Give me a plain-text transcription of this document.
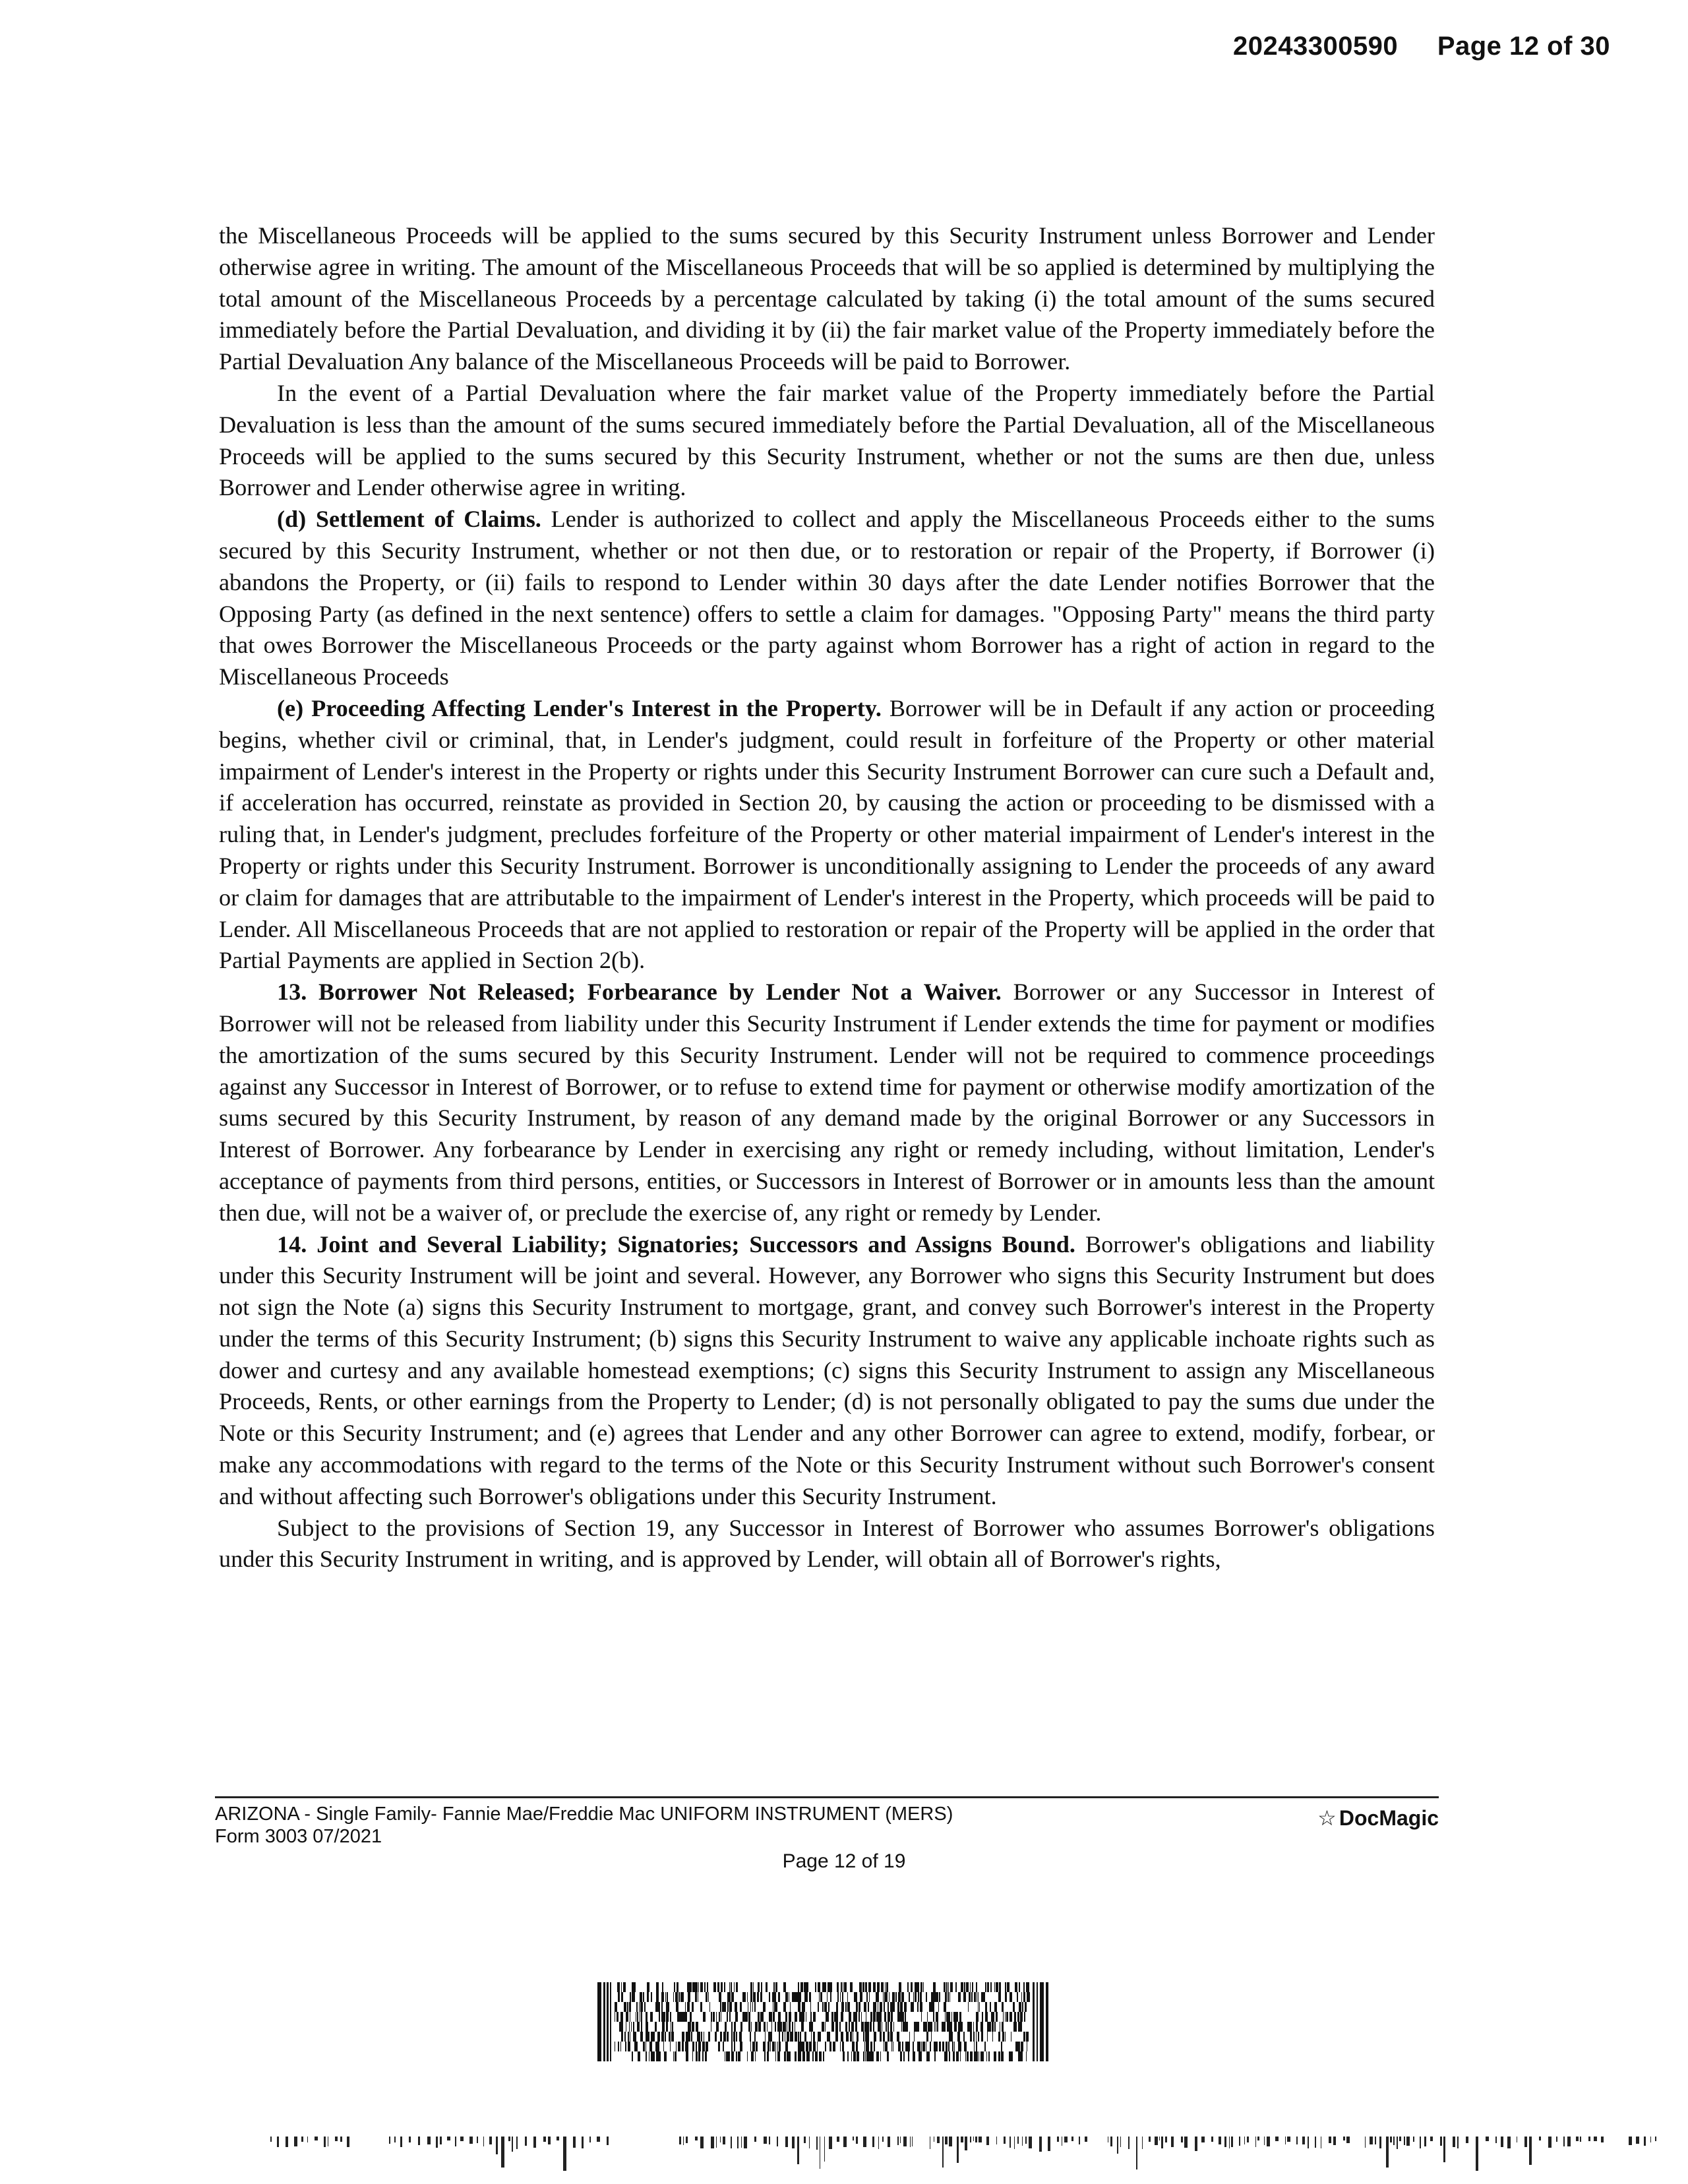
20243300590 Page 12 of 30

the Miscellaneous Proceeds will be applied to the sums secured by this Security Instrument unless Borrower and Lender otherwise agree in writing. The amount of the Miscellaneous Proceeds that will be so applied is determined by multiplying the total amount of the Miscellaneous Proceeds by a percentage calculated by taking (i) the total amount of the sums secured immediately before the Partial Devaluation, and dividing it by (ii) the fair market value of the Property immediately before the Partial Devaluation Any balance of the Miscellaneous Proceeds will be paid to Borrower.

In the event of a Partial Devaluation where the fair market value of the Property immediately before the Partial Devaluation is less than the amount of the sums secured immediately before the Partial Devaluation, all of the Miscellaneous Proceeds will be applied to the sums secured by this Security Instrument, whether or not the sums are then due, unless Borrower and Lender otherwise agree in writing.

(d) Settlement of Claims. Lender is authorized to collect and apply the Miscellaneous Proceeds either to the sums secured by this Security Instrument, whether or not then due, or to restoration or repair of the Property, if Borrower (i) abandons the Property, or (ii) fails to respond to Lender within 30 days after the date Lender notifies Borrower that the Opposing Party (as defined in the next sentence) offers to settle a claim for damages. "Opposing Party" means the third party that owes Borrower the Miscellaneous Proceeds or the party against whom Borrower has a right of action in regard to the Miscellaneous Proceeds

(e) Proceeding Affecting Lender's Interest in the Property. Borrower will be in Default if any action or proceeding begins, whether civil or criminal, that, in Lender's judgment, could result in forfeiture of the Property or other material impairment of Lender's interest in the Property or rights under this Security Instrument Borrower can cure such a Default and, if acceleration has occurred, reinstate as provided in Section 20, by causing the action or proceeding to be dismissed with a ruling that, in Lender's judgment, precludes forfeiture of the Property or other material impairment of Lender's interest in the Property or rights under this Security Instrument. Borrower is unconditionally assigning to Lender the proceeds of any award or claim for damages that are attributable to the impairment of Lender's interest in the Property, which proceeds will be paid to Lender. All Miscellaneous Proceeds that are not applied to restoration or repair of the Property will be applied in the order that Partial Payments are applied in Section 2(b).

13. Borrower Not Released; Forbearance by Lender Not a Waiver. Borrower or any Successor in Interest of Borrower will not be released from liability under this Security Instrument if Lender extends the time for payment or modifies the amortization of the sums secured by this Security Instrument. Lender will not be required to commence proceedings against any Successor in Interest of Borrower, or to refuse to extend time for payment or otherwise modify amortization of the sums secured by this Security Instrument, by reason of any demand made by the original Borrower or any Successors in Interest of Borrower. Any forbearance by Lender in exercising any right or remedy including, without limitation, Lender's acceptance of payments from third persons, entities, or Successors in Interest of Borrower or in amounts less than the amount then due, will not be a waiver of, or preclude the exercise of, any right or remedy by Lender.

14. Joint and Several Liability; Signatories; Successors and Assigns Bound. Borrower's obligations and liability under this Security Instrument will be joint and several. However, any Borrower who signs this Security Instrument but does not sign the Note (a) signs this Security Instrument to mortgage, grant, and convey such Borrower's interest in the Property under the terms of this Security Instrument; (b) signs this Security Instrument to waive any applicable inchoate rights such as dower and curtesy and any available homestead exemptions; (c) signs this Security Instrument to assign any Miscellaneous Proceeds, Rents, or other earnings from the Property to Lender; (d) is not personally obligated to pay the sums due under the Note or this Security Instrument; and (e) agrees that Lender and any other Borrower can agree to extend, modify, forbear, or make any accommodations with regard to the terms of the Note or this Security Instrument without such Borrower's consent and without affecting such Borrower's obligations under this Security Instrument.

Subject to the provisions of Section 19, any Successor in Interest of Borrower who assumes Borrower's obligations under this Security Instrument in writing, and is approved by Lender, will obtain all of Borrower's rights,

ARIZONA - Single Family- Fannie Mae/Freddie Mac UNIFORM INSTRUMENT (MERS)
Form 3003 07/2021
☆ DocMagic
Page 12 of 19
